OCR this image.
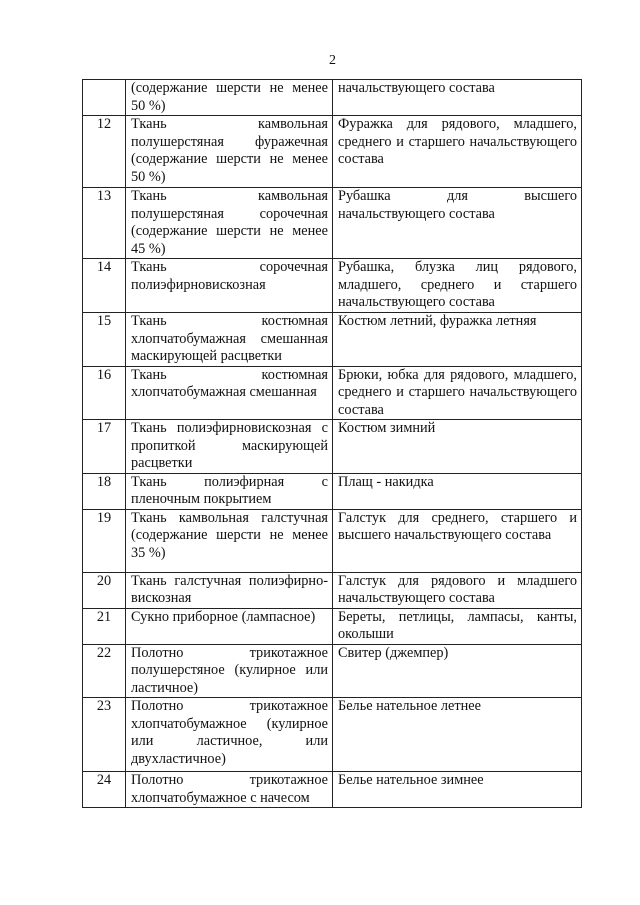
2
	(содержание шерсти не менее 50 %)	начальствующего состава
12	Ткань камвольная полушерстяная фуражечная (содержание шерсти не менее 50 %)	Фуражка для рядового, младшего, среднего и старшего начальствующего состава
13	Ткань камвольная полушерстяная сорочечная (содержание шерсти не менее 45 %)	Рубашка для высшего начальствующего состава
14	Ткань сорочечная полиэфирновискозная	Рубашка, блузка лиц рядового, младшего, среднего и старшего начальствующего состава
15	Ткань костюмная хлопчатобумажная смешанная маскирующей расцветки	Костюм летний, фуражка летняя
16	Ткань костюмная хлопчатобумажная смешанная	Брюки, юбка для рядового, младшего, среднего и старшего начальствующего состава
17	Ткань полиэфирновискозная с пропиткой маскирующей расцветки	Костюм зимний
18	Ткань полиэфирная с пленочным покрытием	Плащ - накидка
19	Ткань камвольная галстучная (содержание шерсти не менее 35 %)	Галстук для среднего, старшего и высшего начальствующего состава
20	Ткань галстучная полиэфирно-вискозная	Галстук для рядового и младшего начальствующего состава
21	Сукно приборное (лампасное)	Береты, петлицы, лампасы, канты, околыши
22	Полотно трикотажное полушерстяное (кулирное или ластичное)	Свитер (джемпер)
23	Полотно трикотажное хлопчатобумажное (кулирное или ластичное, или двухластичное)	Белье нательное летнее
24	Полотно трикотажное хлопчатобумажное с начесом	Белье нательное зимнее
